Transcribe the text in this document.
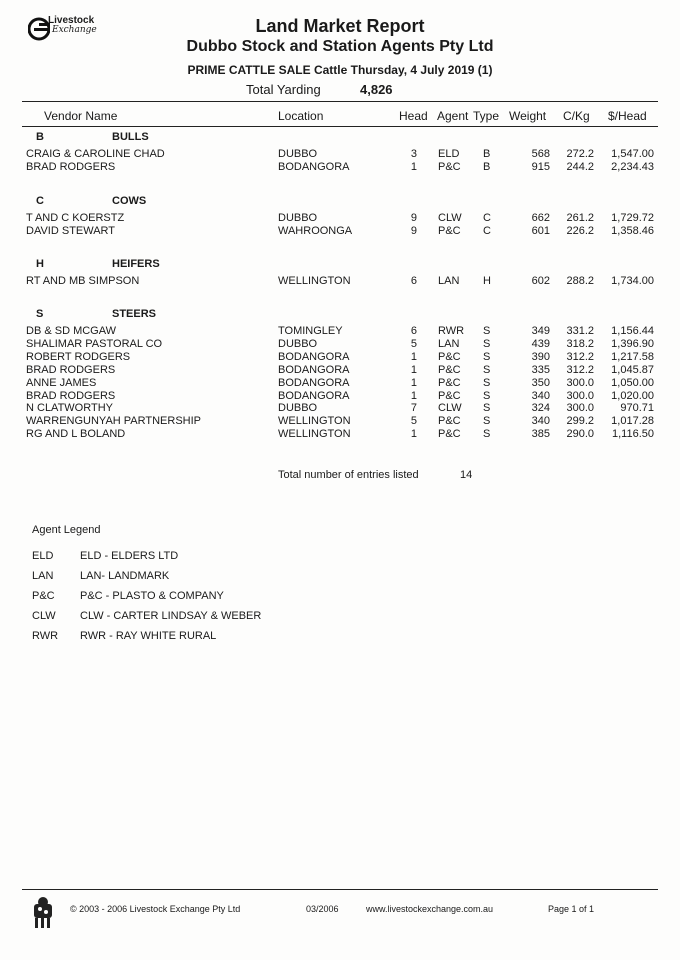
Livestock
Exchange	Land Market Report
Dubbo Stock and Station Agents Pty Ltd
PRIME CATTLE SALE Cattle Thursday, 4 July 2019 (1)
Total Yarding	4,826
Vendor Name	Location	Head Agent Type Weight C/Kg $/Head
B	BULLS
CRAIG & CAROLINE CHAD	DUBBO	3 ELD	B	568	272.2	1,547.00
BRAD RODGERS	BODANGORA	1 P&C	B	915	244.2	2,234.43
C	COWS
T AND C KOERSTZ	DUBBO	9 CLW	C	662	261.2	1,729.72
DAVID STEWART	WAHROONGA	9 P&C	C	601	226.2	1,358.46
H	HEIFERS
RT AND MB SIMPSON	WELLINGTON	6 LAN	H	602	288.2	1,734.00
S	STEERS
DB & SD MCGAW	TOMINGLEY	6 RWR	S	349	331.2	1,156.44
SHALIMAR PASTORAL CO	DUBBO	5 LAN	S	439	318.2	1,396.90
ROBERT RODGERS	BODANGORA	1 P&C	S	390	312.2	1,217.58
BRAD RODGERS	BODANGORA	1 P&C	S	335	312.2	1,045.87
ANNE JAMES	BODANGORA	1 P&C	S	350	300.0	1,050.00
BRAD RODGERS	BODANGORA	1 P&C	S	340	300.0	1,020.00
N CLATWORTHY	DUBBO	7 CLW	S	324	300.0	970.71
WARRENGUNYAH PARTNERSHIP	WELLINGTON	5 P&C	S	340	299.2	1,017.28
RG AND L BOLAND	WELLINGTON	1 P&C	S	385	290.0	1,116.50
Total number of entries listed	14
Agent Legend
ELD ELD - ELDERS LTD
LAN LAN- LANDMARK
P&C P&C - PLASTO & COMPANY
CLW CLW - CARTER LINDSAY & WEBER
RWR RWR - RAY WHITE RURAL
© 2003 - 2006 Livestock Exchange Pty Ltd	03/2006	www.livestockexchange.com.au	Page 1 of 1
